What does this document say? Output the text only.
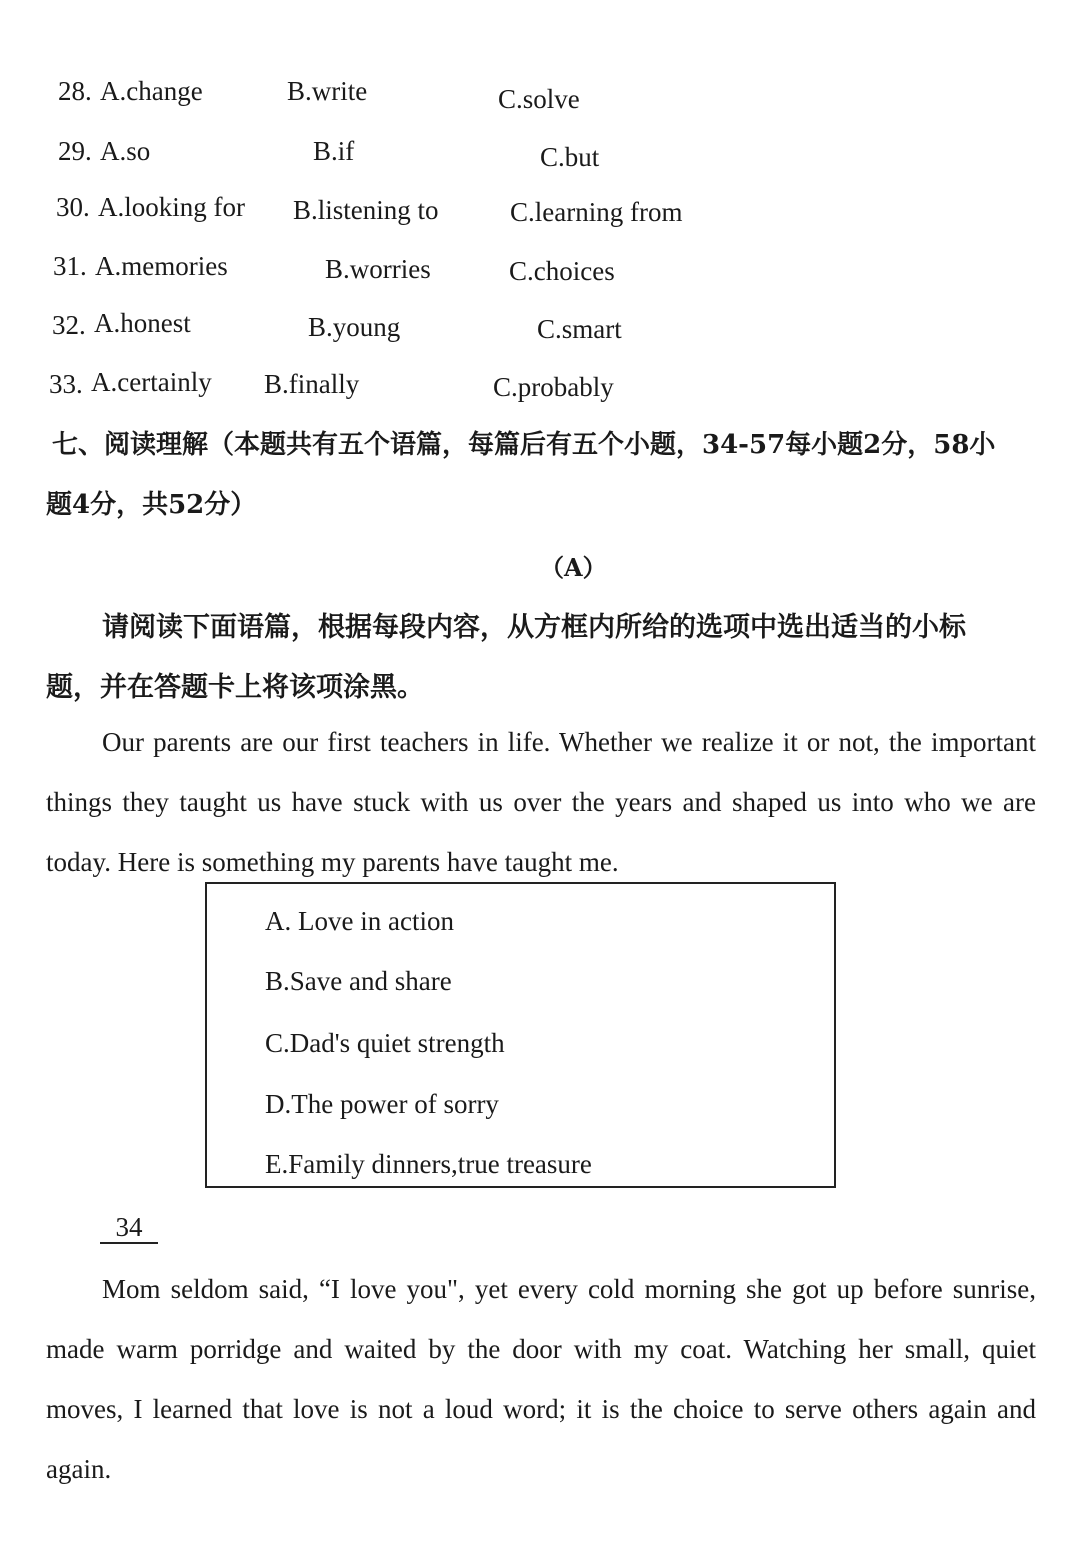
28. A.change	B.write	C.solve
29. A.so	B.if	C.but
30. A.looking for B.listening to	C.learning from
31. A.memories	B.worries	C.choices
32. A.honest	B.young	C.smart
33. A.certainly B.finally	C.probably
七、阅读理解（本题共有五个语篇，每篇后有五个小题，34-57每小题2分，58小
题4分，共52分）
（A）
请阅读下面语篇，根据每段内容，从方框内所给的选项中选出适当的小标
题，并在答题卡上将该项涂黑。
Our parents are our first teachers in life. Whether we realize it or not, the important things they taught us have stuck with us over the years and shaped us into who we are today. Here is something my parents have taught me.
A. Love in action
B.Save and share
C.Dad's quiet strength
D.The power of sorry
E.Family dinners,true treasure
34
Mom seldom said, “I love you", yet every cold morning she got up before sunrise, made warm porridge and waited by the door with my coat. Watching her small, quiet moves, I learned that love is not a loud word; it is the choice to serve others again and again.
